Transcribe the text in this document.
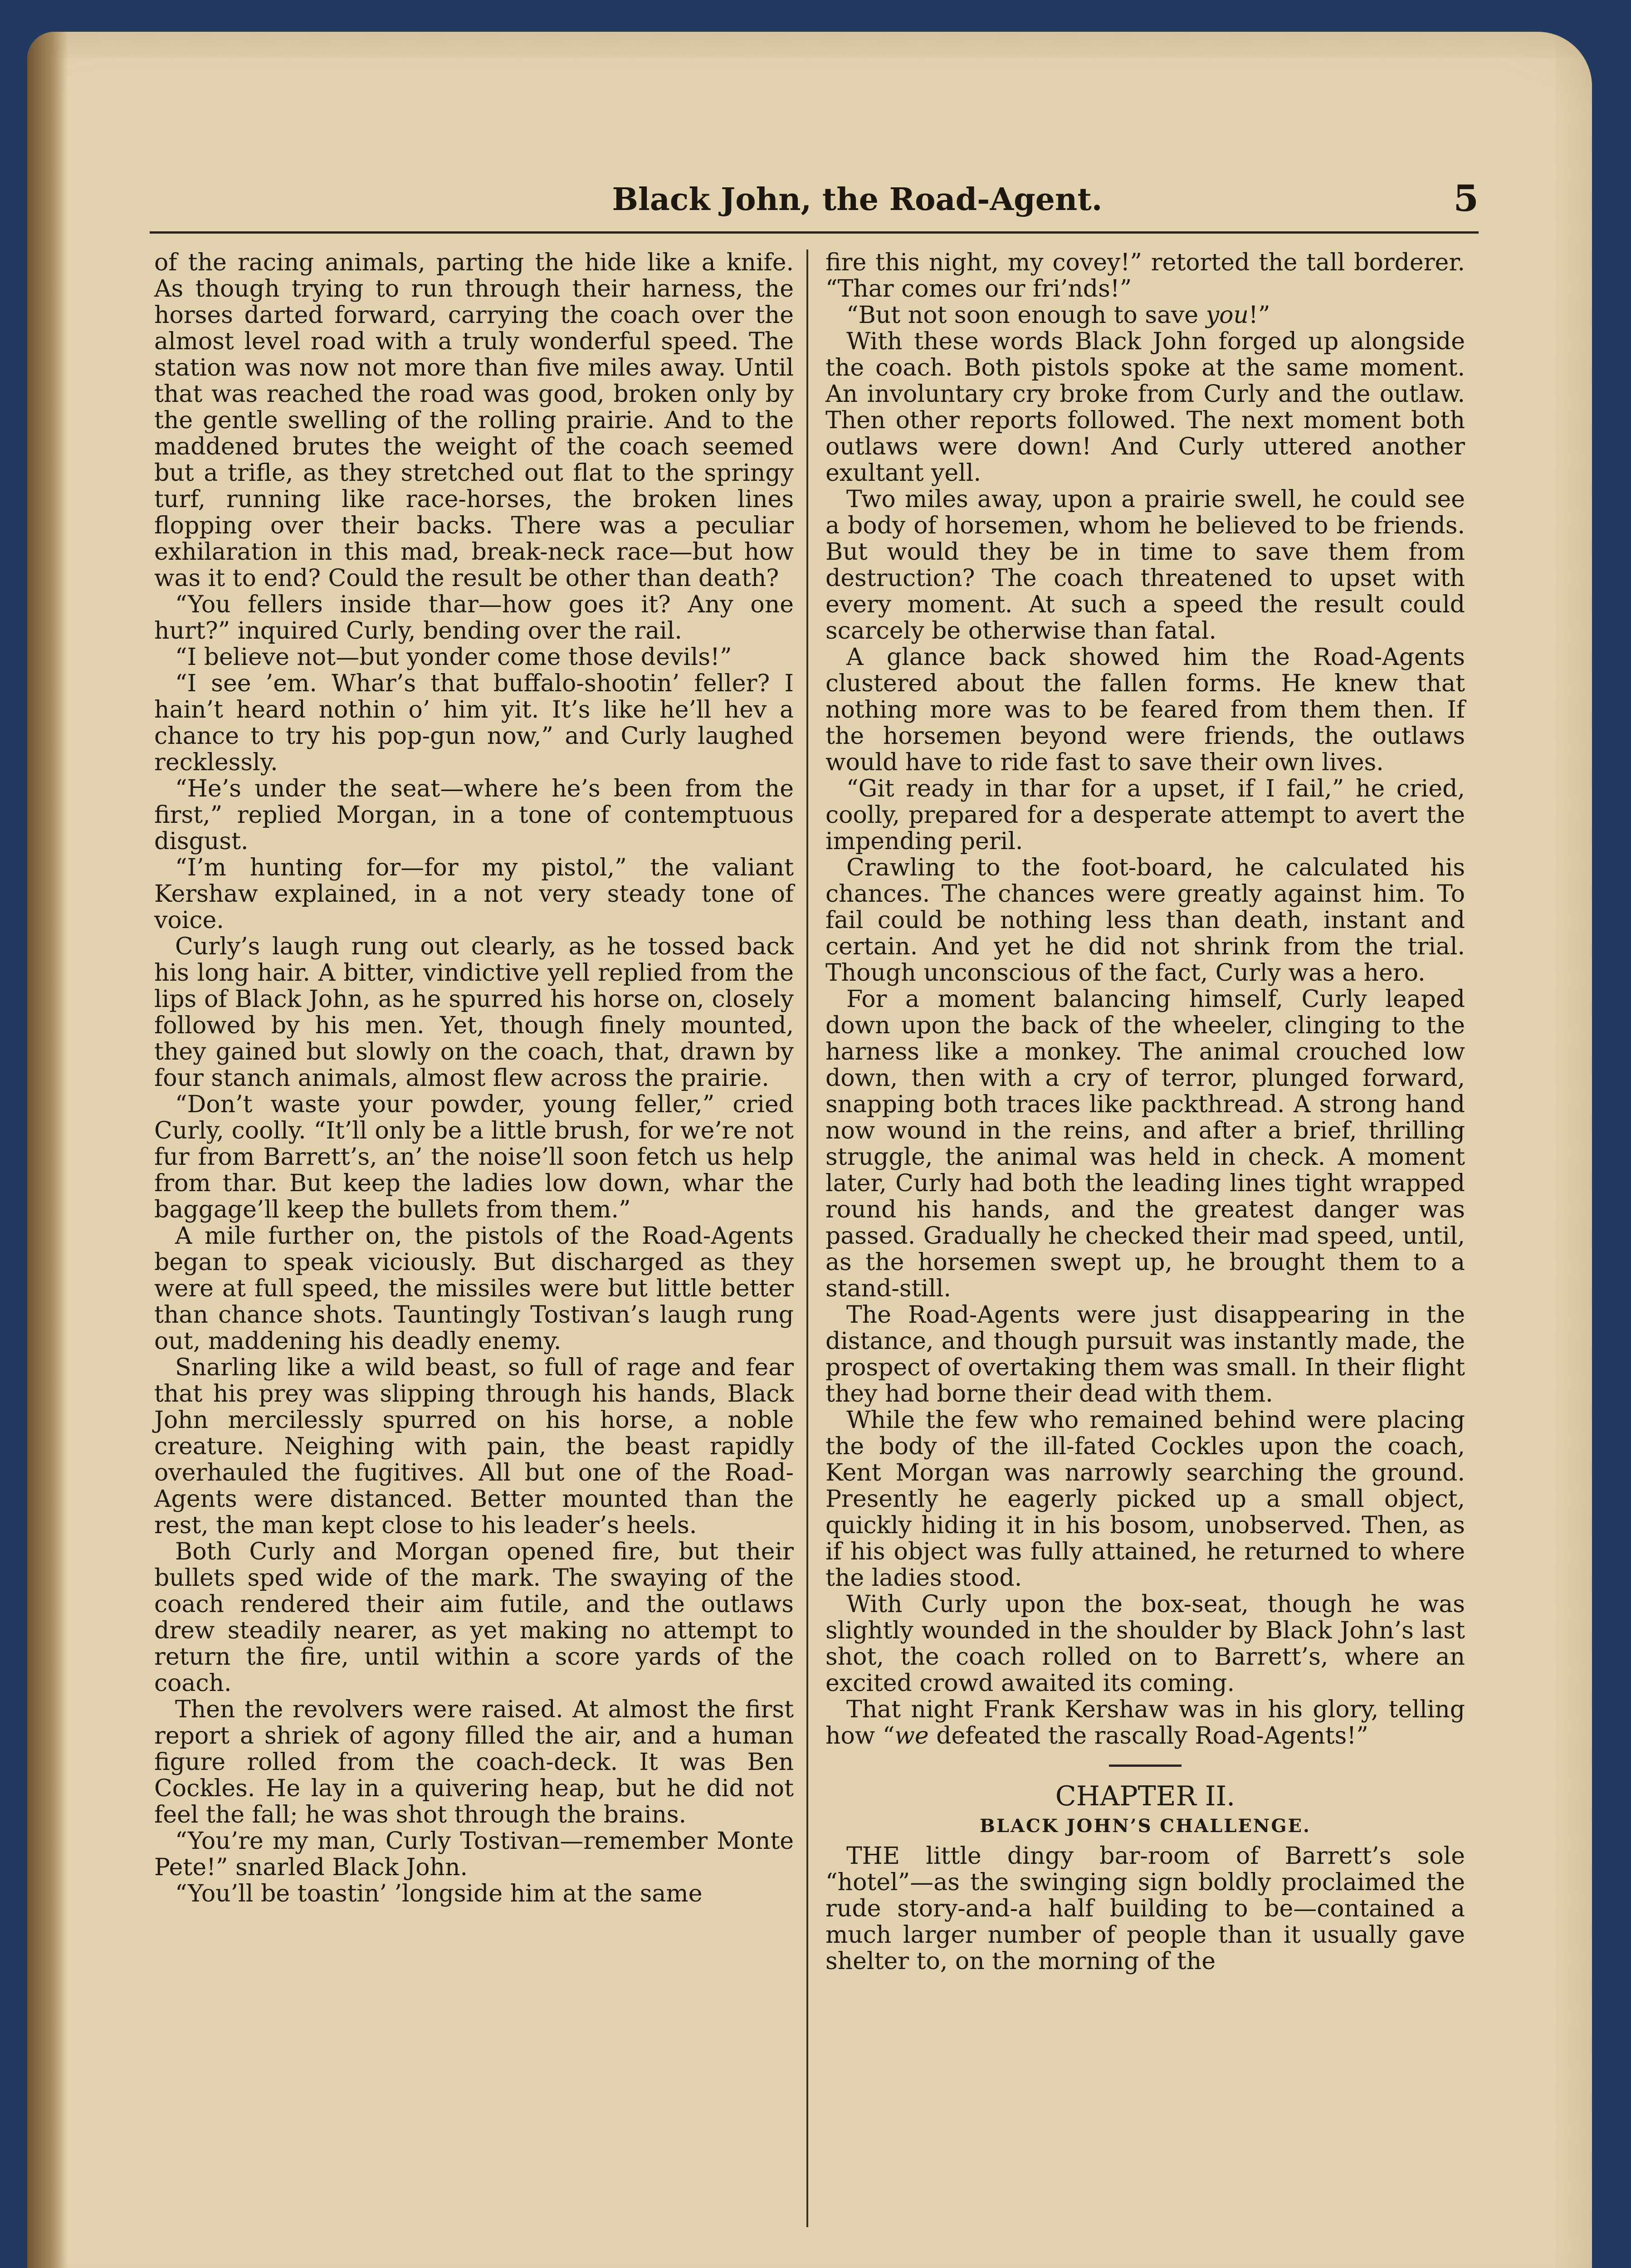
Black John, the Road-Agent.	5

of the racing animals, parting the hide like a knife. As though trying to run through their harness, the horses darted forward, carrying the coach over the almost level road with a truly wonderful speed. The station was now not more than five miles away. Until that was reached the road was good, broken only by the gentle swelling of the rolling prairie. And to the maddened brutes the weight of the coach seemed but a trifle, as they stretched out flat to the springy turf, running like race-horses, the broken lines flopping over their backs. There was a peculiar exhilaration in this mad, break-neck race—but how was it to end? Could the result be other than death?

“You fellers inside thar—how goes it? Any one hurt?” inquired Curly, bending over the rail.

“I believe not—but yonder come those devils!”

“I see ’em. Whar’s that buffalo-shootin’ feller? I hain’t heard nothin o’ him yit. It’s like he’ll hev a chance to try his pop-gun now,” and Curly laughed recklessly.

“He’s under the seat—where he’s been from the first,” replied Morgan, in a tone of contemptuous disgust.

“I’m hunting for—for my pistol,” the valiant Kershaw explained, in a not very steady tone of voice.

Curly’s laugh rung out clearly, as he tossed back his long hair. A bitter, vindictive yell replied from the lips of Black John, as he spurred his horse on, closely followed by his men. Yet, though finely mounted, they gained but slowly on the coach, that, drawn by four stanch animals, almost flew across the prairie.

“Don’t waste your powder, young feller,” cried Curly, coolly. “It’ll only be a little brush, for we’re not fur from Barrett’s, an’ the noise’ll soon fetch us help from thar. But keep the ladies low down, whar the baggage’ll keep the bullets from them.”

A mile further on, the pistols of the Road-Agents began to speak viciously. But discharged as they were at full speed, the missiles were but little better than chance shots. Tauntingly Tostivan’s laugh rung out, maddening his deadly enemy.

Snarling like a wild beast, so full of rage and fear that his prey was slipping through his hands, Black John mercilessly spurred on his horse, a noble creature. Neighing with pain, the beast rapidly overhauled the fugitives. All but one of the Road-Agents were distanced. Better mounted than the rest, the man kept close to his leader’s heels.

Both Curly and Morgan opened fire, but their bullets sped wide of the mark. The swaying of the coach rendered their aim futile, and the outlaws drew steadily nearer, as yet making no attempt to return the fire, until within a score yards of the coach.

Then the revolvers were raised. At almost the first report a shriek of agony filled the air, and a human figure rolled from the coach-deck. It was Ben Cockles. He lay in a quivering heap, but he did not feel the fall; he was shot through the brains.

“You’re my man, Curly Tostivan—remember Monte Pete!” snarled Black John.

“You’ll be toastin’ ’longside him at the same

fire this night, my covey!” retorted the tall borderer. “Thar comes our fri’nds!”

“But not soon enough to save you!”

With these words Black John forged up alongside the coach. Both pistols spoke at the same moment. An involuntary cry broke from Curly and the outlaw. Then other reports followed. The next moment both outlaws were down! And Curly uttered another exultant yell.

Two miles away, upon a prairie swell, he could see a body of horsemen, whom he believed to be friends. But would they be in time to save them from destruction? The coach threatened to upset with every moment. At such a speed the result could scarcely be otherwise than fatal.

A glance back showed him the Road-Agents clustered about the fallen forms. He knew that nothing more was to be feared from them then. If the horsemen beyond were friends, the outlaws would have to ride fast to save their own lives.

“Git ready in thar for a upset, if I fail,” he cried, coolly, prepared for a desperate attempt to avert the impending peril.

Crawling to the foot-board, he calculated his chances. The chances were greatly against him. To fail could be nothing less than death, instant and certain. And yet he did not shrink from the trial. Though unconscious of the fact, Curly was a hero.

For a moment balancing himself, Curly leaped down upon the back of the wheeler, clinging to the harness like a monkey. The animal crouched low down, then with a cry of terror, plunged forward, snapping both traces like packthread. A strong hand now wound in the reins, and after a brief, thrilling struggle, the animal was held in check. A moment later, Curly had both the leading lines tight wrapped round his hands, and the greatest danger was passed. Gradually he checked their mad speed, until, as the horsemen swept up, he brought them to a stand-still.

The Road-Agents were just disappearing in the distance, and though pursuit was instantly made, the prospect of overtaking them was small. In their flight they had borne their dead with them.

While the few who remained behind were placing the body of the ill-fated Cockles upon the coach, Kent Morgan was narrowly searching the ground. Presently he eagerly picked up a small object, quickly hiding it in his bosom, unobserved. Then, as if his object was fully attained, he returned to where the ladies stood.

With Curly upon the box-seat, though he was slightly wounded in the shoulder by Black John’s last shot, the coach rolled on to Barrett’s, where an excited crowd awaited its coming.

That night Frank Kershaw was in his glory, telling how “we defeated the rascally Road-Agents!”

CHAPTER II.
BLACK JOHN’S CHALLENGE.

THE little dingy bar-room of Barrett’s sole “hotel”—as the swinging sign boldly proclaimed the rude story-and-a half building to be—contained a much larger number of people than it usually gave shelter to, on the morning of the
